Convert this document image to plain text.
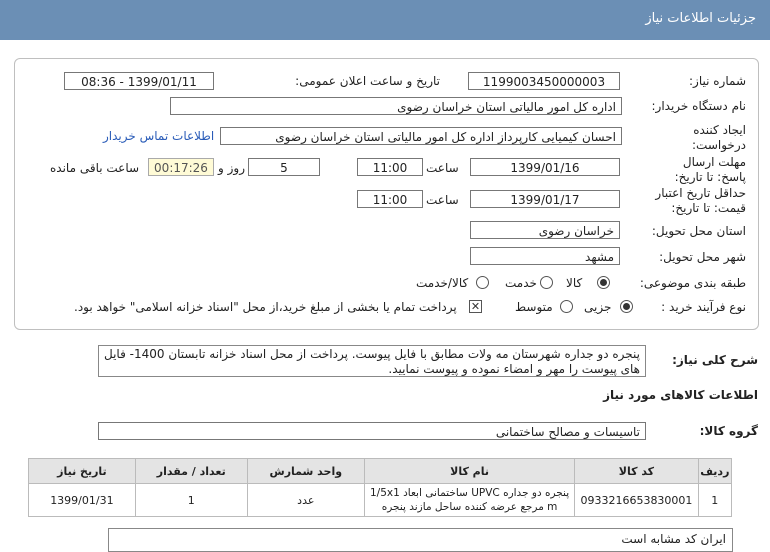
جزئیات اطلاعات نیاز
شماره نیاز:
1199003450000003
تاریخ و ساعت اعلان عمومی:
1399/01/11 - 08:36
نام دستگاه خریدار:
اداره کل امور مالیاتی استان خراسان رضوی
ایجاد کننده درخواست:
احسان کیمیایی کارپرداز اداره کل امور مالیاتی استان خراسان رضوی
اطلاعات تماس خریدار
مهلت ارسال پاسخ: تا تاریخ:
1399/01/16
ساعت
11:00
5
روز و
00:17:26
ساعت باقی مانده
حداقل تاریخ اعتبار قیمت: تا تاریخ:
1399/01/17
ساعت
11:00
استان محل تحویل:
خراسان رضوی
شهر محل تحویل:
مشهد
طبقه بندی موضوعی:
کالا
خدمت
کالا/خدمت
نوع فرآیند خرید :
جزیی
متوسط
✕
پرداخت تمام یا بخشی از مبلغ خرید،از محل "اسناد خزانه اسلامی" خواهد بود.
شرح کلی نیاز:
پنجره دو جداره شهرستان مه ولات مطابق با فایل پیوست. پرداخت از محل اسناد خزانه تابستان 1400- فایل های پیوست را مهر و امضاء نموده و پیوست نمایید.
اطلاعات کالاهای مورد نیاز
گروه کالا:
تاسیسات و مصالح ساختمانی
ردیف	کد کالا	نام کالا	واحد شمارش	تعداد / مقدار	تاریخ نیاز
1	0933216653830001	پنجره دو جداره UPVC ساختمانی ابعاد 1/5x1 m مرجع عرضه کننده ساحل مازند پنجره	عدد	1	1399/01/31
ایران کد مشابه است
